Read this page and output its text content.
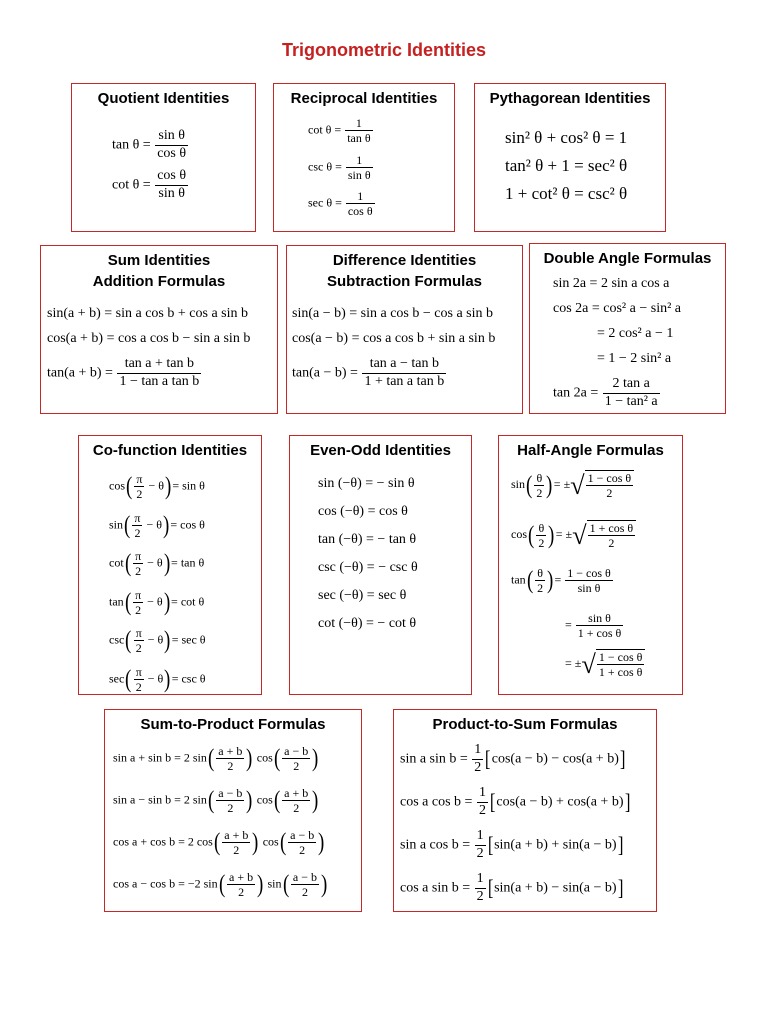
Trigonometric Identities
Quotient Identities
$\tan \theta = \frac{\text{sin θ}}{\text{cos θ}}$
$\cot \theta = \frac{\text{cos θ}}{\text{sin θ}}$
Reciprocal Identities
$\cot \theta = \frac{1}{\text{tan θ}}$
$\csc \theta = \frac{1}{\text{sin θ}}$
$\sec \theta = \frac{1}{\text{cos θ}}$
Pythagorean Identities
sin² θ + cos² θ = 1
tan² θ + 1 = sec² θ
1 + cot² θ = csc² θ
Sum Identities
Addition Formulas
sin(a + b) = sin a cos b + cos a sin b
cos(a + b) = cos a cos b − sin a sin b
$\tan(a + b) = \frac{\text{tan a + tan b}}{\text{1 − tan a tan b}}$
Difference Identities
Subtraction Formulas
sin(a − b) = sin a cos b − cos a sin b
cos(a − b) = cos a cos b + sin a sin b
$\tan(a - b) = \frac{\text{tan a − tan b}}{\text{1 + tan a tan b}}$
Double Angle Formulas
sin 2a = 2 sin a cos a
cos 2a = cos² a − sin² a
= 2 cos² a − 1
= 1 − 2 sin² a
$\tan 2a = \frac{\text{2 tan a}}{\text{1 − tan² a}}$
Co-function Identities
$\cos( \frac{\pi}{2} - \theta)= \sin \theta$
$\sin( \frac{\pi}{2} - \theta)= \cos \theta$
$\cot( \frac{\pi}{2} - \theta)= \tan \theta$
$\tan( \frac{\pi}{2} - \theta)= \cot \theta$
$\csc( \frac{\pi}{2} - \theta)= \sec \theta$
$\sec( \frac{\pi}{2} - \theta)= \csc \theta$
Even-Odd Identities
sin (−θ) = − sin θ
cos (−θ) = cos θ
tan (−θ) = − tan θ
csc (−θ) = − csc θ
sec (−θ) = sec θ
cot (−θ) = − cot θ
Half-Angle Formulas
$\sin( \frac{\theta}{2}$ )= ±√ $\frac{\text{1 − cos θ}}{2}$
$\cos( \frac{\theta}{2}$ )= ±√ $\frac{\text{1 + cos θ}}{2}$
$\tan( \frac{\theta}{2}$ )= $\frac{\text{1 − cos θ}}{\text{sin θ}}$
= $\frac{\text{sin θ}}{\text{1 + cos θ}}$
= ±√ $\frac{\text{1 − cos θ}}{\text{1 + cos θ}}$
Sum-to-Product Formulas
sin a + sin b = 2 $\sin( \frac{a + b}{2}$ ) $\cos( \frac{a - b}{2}$ )
sin a − sin b = 2 $\sin( \frac{a - b}{2}$ ) $\cos( \frac{a + b}{2}$ )
cos a + cos b = 2 $\cos( \frac{a + b}{2}$ ) $\cos( \frac{a - b}{2}$ )
cos a − cos b = −2 $\sin( \frac{a + b}{2}$ ) $\sin( \frac{a - b}{2}$ )
Product-to-Sum Formulas
sin a $\sin b = \frac{1}{2} [\cos(a - b) - \cos(a + b)]$
cos a $\cos b = \frac{1}{2} [\cos(a - b) + \cos(a + b)]$
sin a $\cos b = \frac{1}{2} [\sin(a + b) + \sin(a - b)]$
cos a $\sin b = \frac{1}{2} [\sin(a + b) - \sin(a - b)]$
